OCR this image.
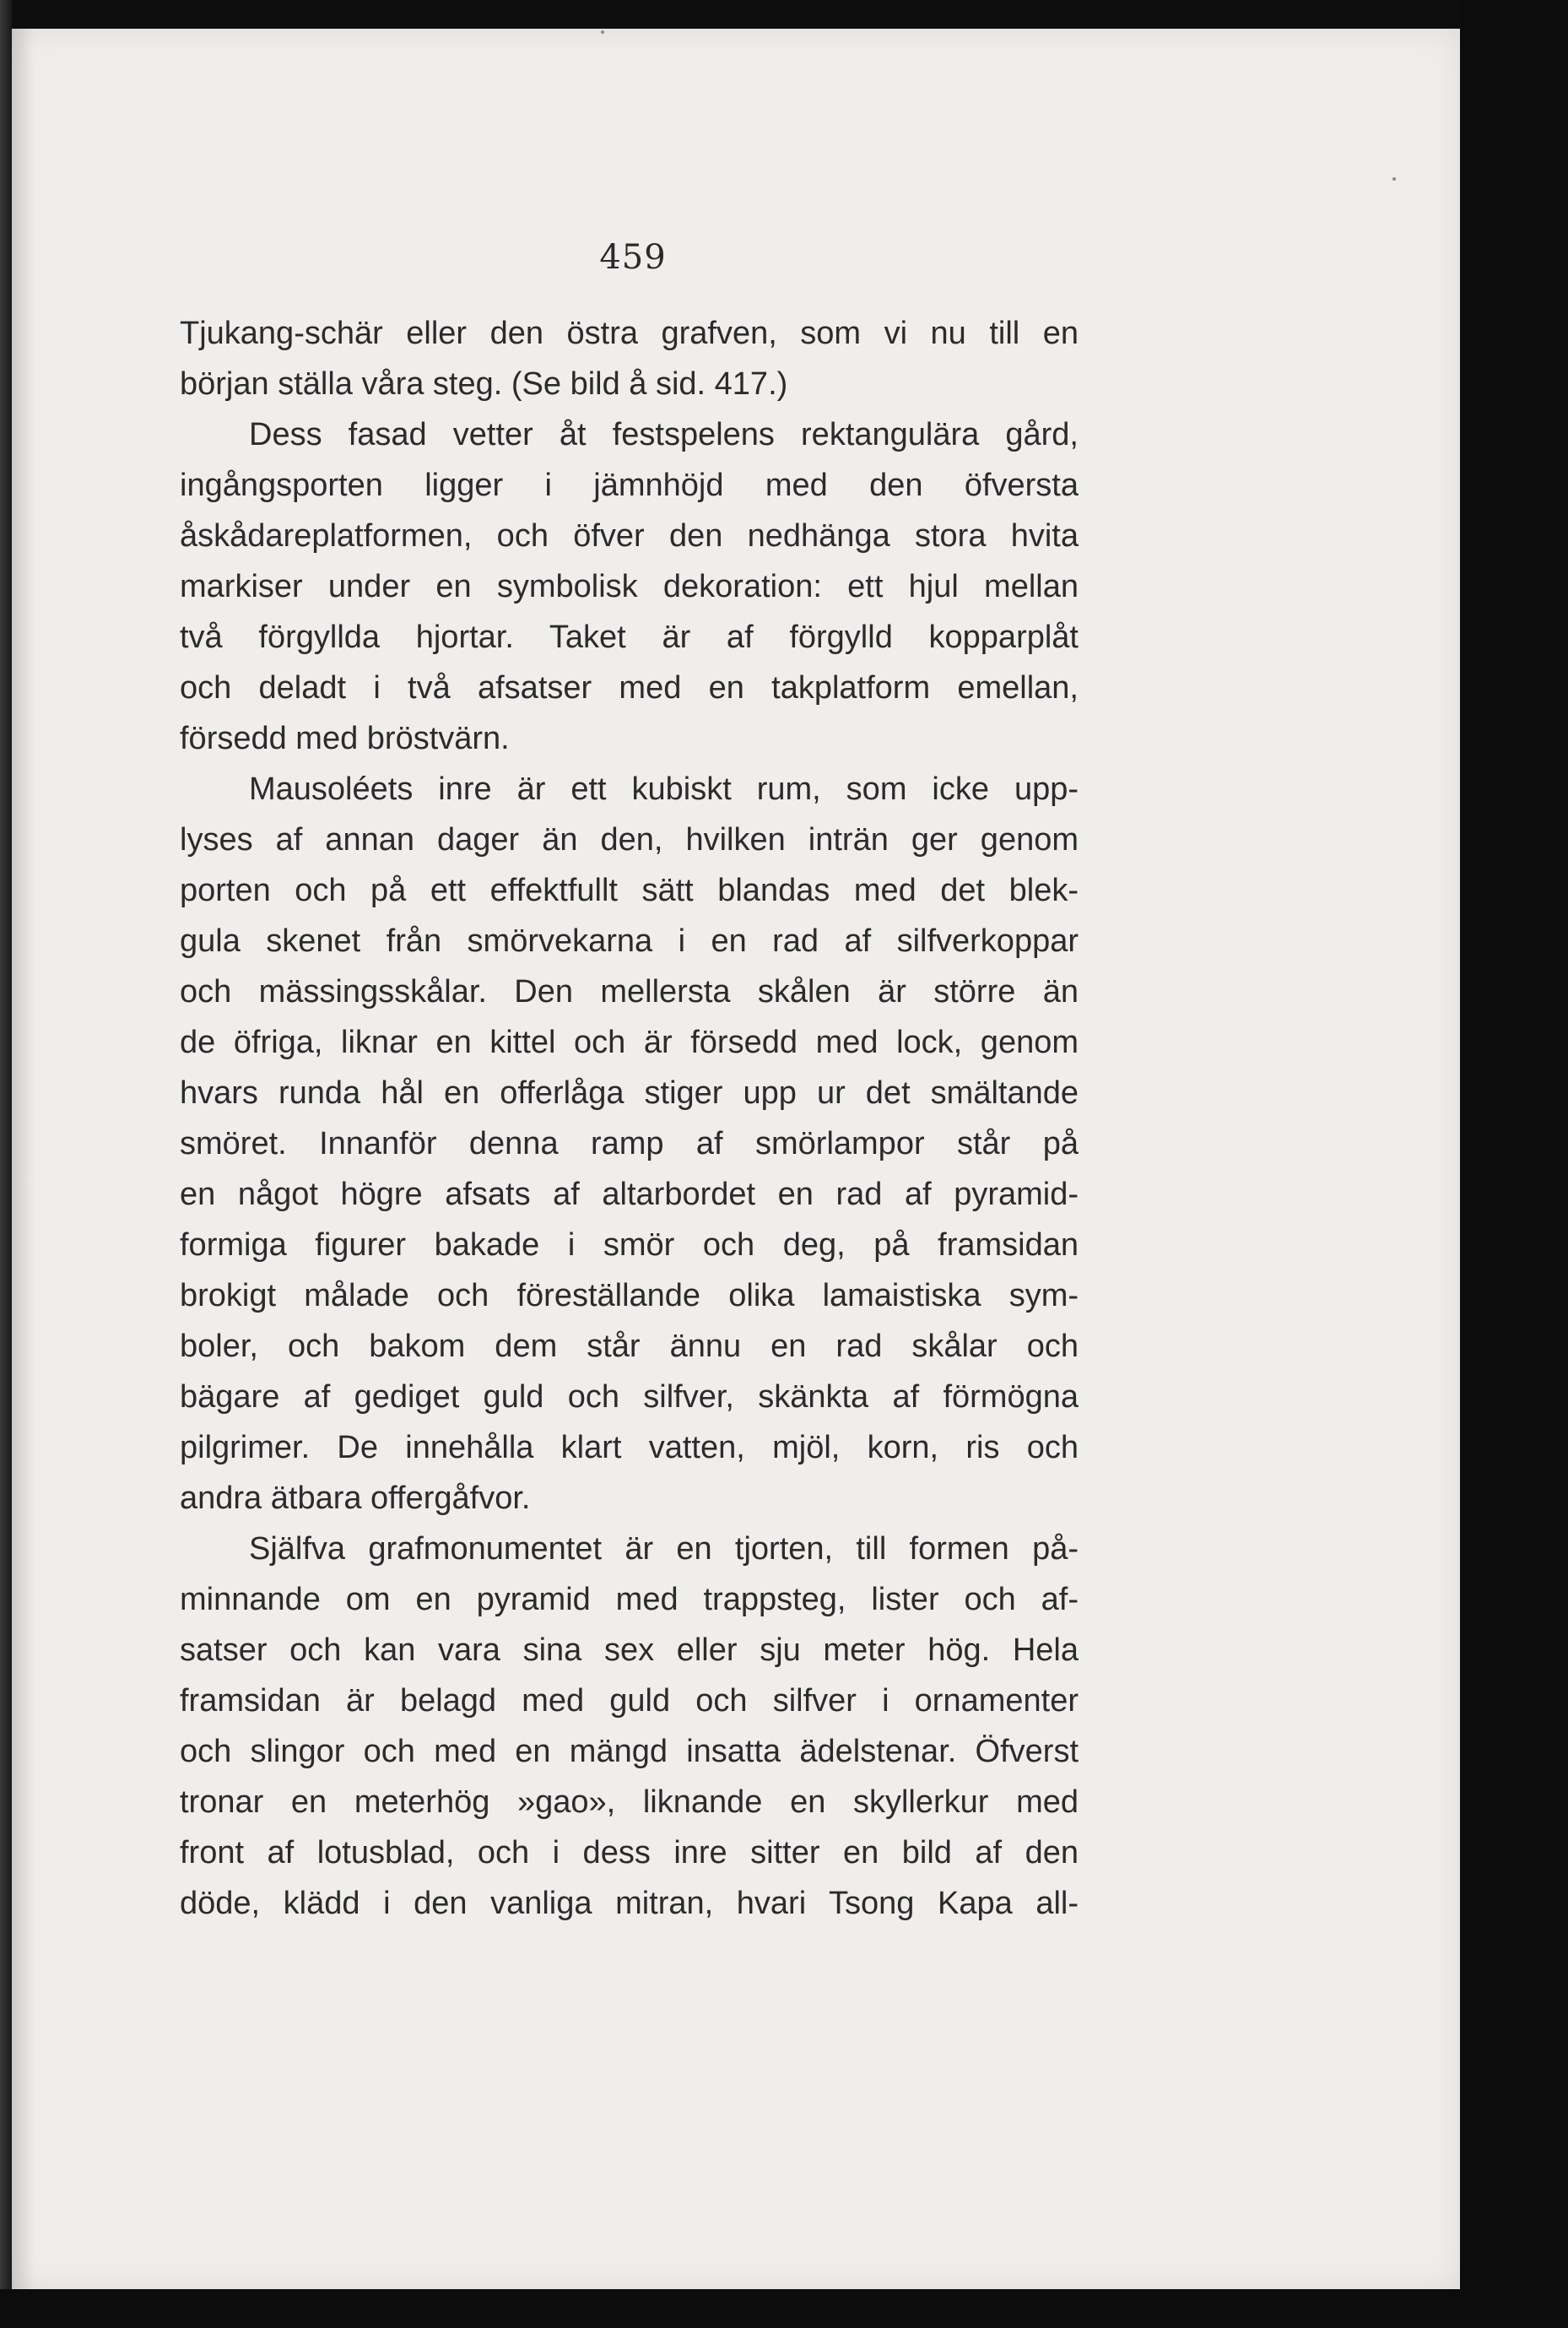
459
Tjukang-schär eller den östra grafven, som vi nu till en
början ställa våra steg. (Se bild å sid. 417.)
Dess fasad vetter åt festspelens rektangulära gård,
ingångsporten ligger i jämnhöjd med den öfversta
åskådareplatformen, och öfver den nedhänga stora hvita
markiser under en symbolisk dekoration: ett hjul mellan
två förgyllda hjortar. Taket är af förgylld kopparplåt
och deladt i två afsatser med en takplatform emellan,
försedd med bröstvärn.
Mausoléets inre är ett kubiskt rum, som icke upp-
lyses af annan dager än den, hvilken inträn ger genom
porten och på ett effektfullt sätt blandas med det blek-
gula skenet från smörvekarna i en rad af silfverkoppar
och mässingsskålar. Den mellersta skålen är större än
de öfriga, liknar en kittel och är försedd med lock, genom
hvars runda hål en offerlåga stiger upp ur det smältande
smöret. Innanför denna ramp af smörlampor står på
en något högre afsats af altarbordet en rad af pyramid-
formiga figurer bakade i smör och deg, på framsidan
brokigt målade och föreställande olika lamaistiska sym-
boler, och bakom dem står ännu en rad skålar och
bägare af gediget guld och silfver, skänkta af förmögna
pilgrimer. De innehålla klart vatten, mjöl, korn, ris och
andra ätbara offergåfvor.
Själfva grafmonumentet är en tjorten, till formen på-
minnande om en pyramid med trappsteg, lister och af-
satser och kan vara sina sex eller sju meter hög. Hela
framsidan är belagd med guld och silfver i ornamenter
och slingor och med en mängd insatta ädelstenar. Öfverst
tronar en meterhög »gao», liknande en skyllerkur med
front af lotusblad, och i dess inre sitter en bild af den
döde, klädd i den vanliga mitran, hvari Tsong Kapa all-
